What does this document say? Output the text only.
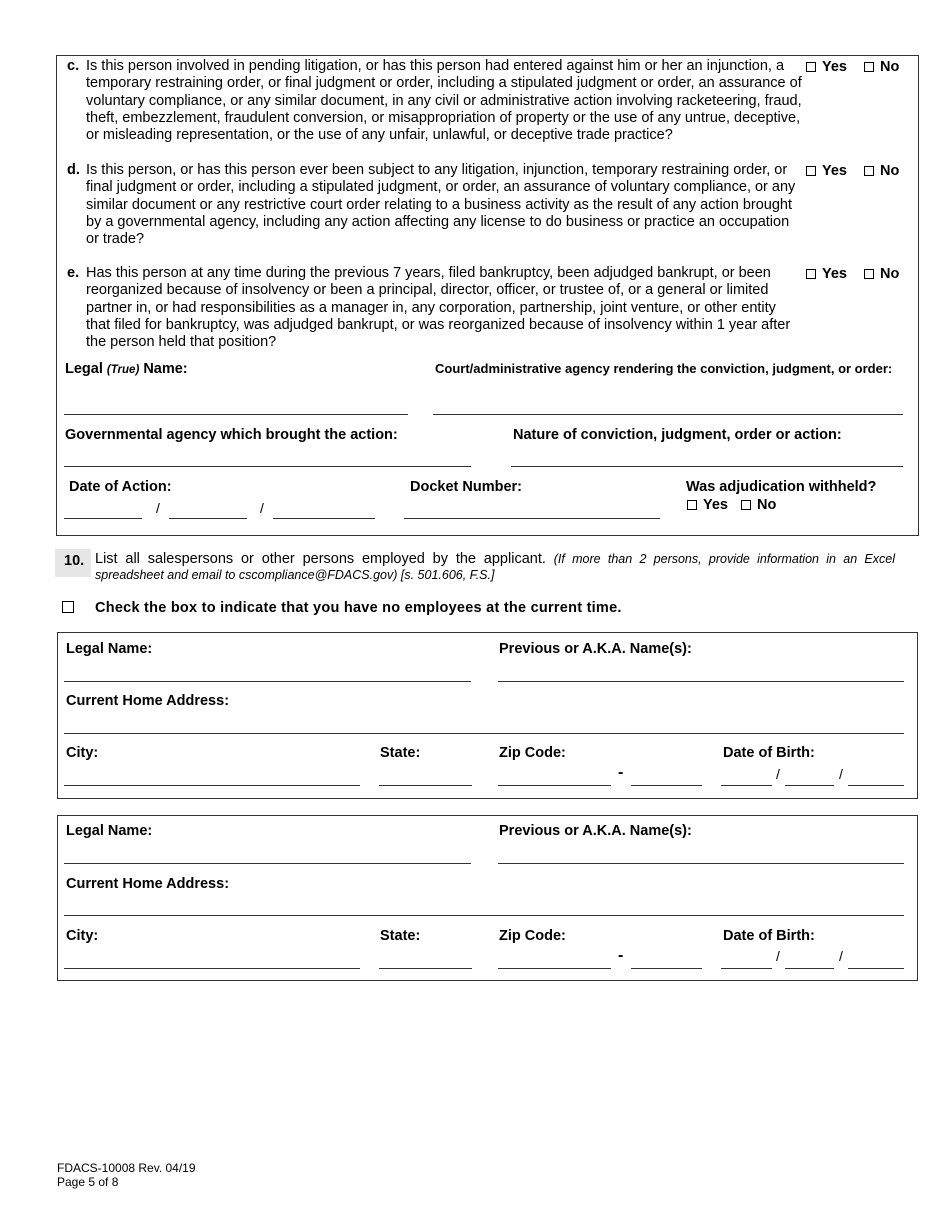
c. Is this person involved in pending litigation, or has this person had entered against him or her an injunction, a temporary restraining order, or final judgment or order, including a stipulated judgment or order, an assurance of voluntary compliance, or any similar document, in any civil or administrative action involving racketeering, fraud, theft, embezzlement, fraudulent conversion, or misappropriation of property or the use of any untrue, deceptive, or misleading representation, or the use of any unfair, unlawful, or deceptive trade practice?
Yes	No
d. Is this person, or has this person ever been subject to any litigation, injunction, temporary restraining order, or final judgment or order, including a stipulated judgment, or order, an assurance of voluntary compliance, or any similar document or any restrictive court order relating to a business activity as the result of any action brought by a governmental agency, including any action affecting any license to do business or practice an occupation or trade?
Yes	No
e. Has this person at any time during the previous 7 years, filed bankruptcy, been adjudged bankrupt, or been reorganized because of insolvency or been a principal, director, officer, or trustee of, or a general or limited partner in, or had responsibilities as a manager in, any corporation, partnership, joint venture, or other entity that filed for bankruptcy, was adjudged bankrupt, or was reorganized because of insolvency within 1 year after the person held that position?
Yes	No
Legal (True) Name:	Court/administrative agency rendering the conviction, judgment, or order:
Governmental agency which brought the action:	Nature of conviction, judgment, order or action:
Date of Action:	Docket Number:	Was adjudication withheld?
Yes	No
/	/
10. List all salespersons or other persons employed by the applicant. (If more than 2 persons, provide information in an Excel spreadsheet and email to cscompliance@FDACS.gov) [s. 501.606, F.S.]
Check the box to indicate that you have no employees at the current time.
Legal Name:	Previous or A.K.A. Name(s):
Current Home Address:
City:	State:	Zip Code:	Date of Birth:
-	/	/
Legal Name:	Previous or A.K.A. Name(s):
Current Home Address:
City:	State:	Zip Code:	Date of Birth:
-	/	/
FDACS-10008 Rev. 04/19
Page 5 of 8
